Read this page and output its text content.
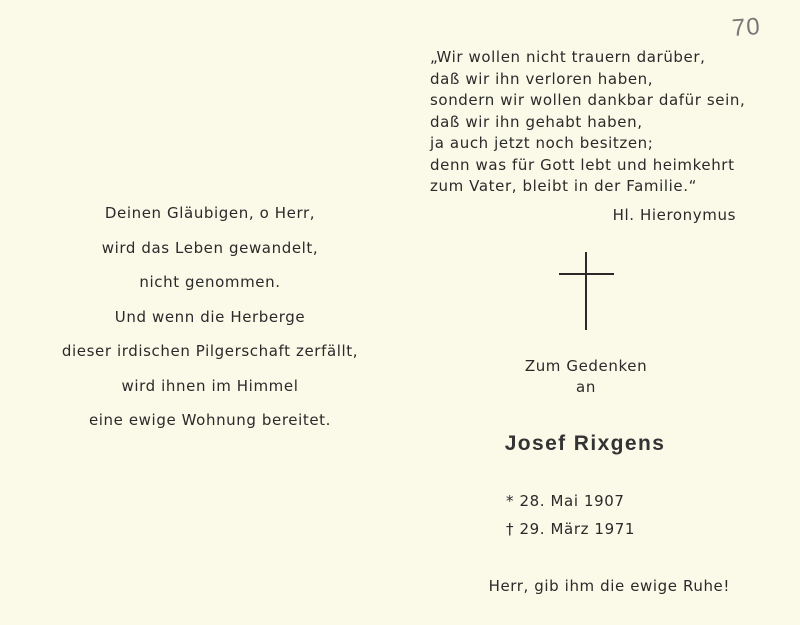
70
Deinen Gläubigen, o Herr,
wird das Leben gewandelt,
nicht genommen.
Und wenn die Herberge
dieser irdischen Pilgerschaft zerfällt,
wird ihnen im Himmel
eine ewige Wohnung bereitet.
„Wir wollen nicht trauern darüber,
daß wir ihn verloren haben,
sondern wir wollen dankbar dafür sein,
daß wir ihn gehabt haben,
ja auch jetzt noch besitzen;
denn was für Gott lebt und heimkehrt
zum Vater, bleibt in der Familie.“
Hl. Hieronymus
Zum Gedenken
an
Josef Rixgens
* 28. Mai 1907
† 29. März 1971
Herr, gib ihm die ewige Ruhe!
